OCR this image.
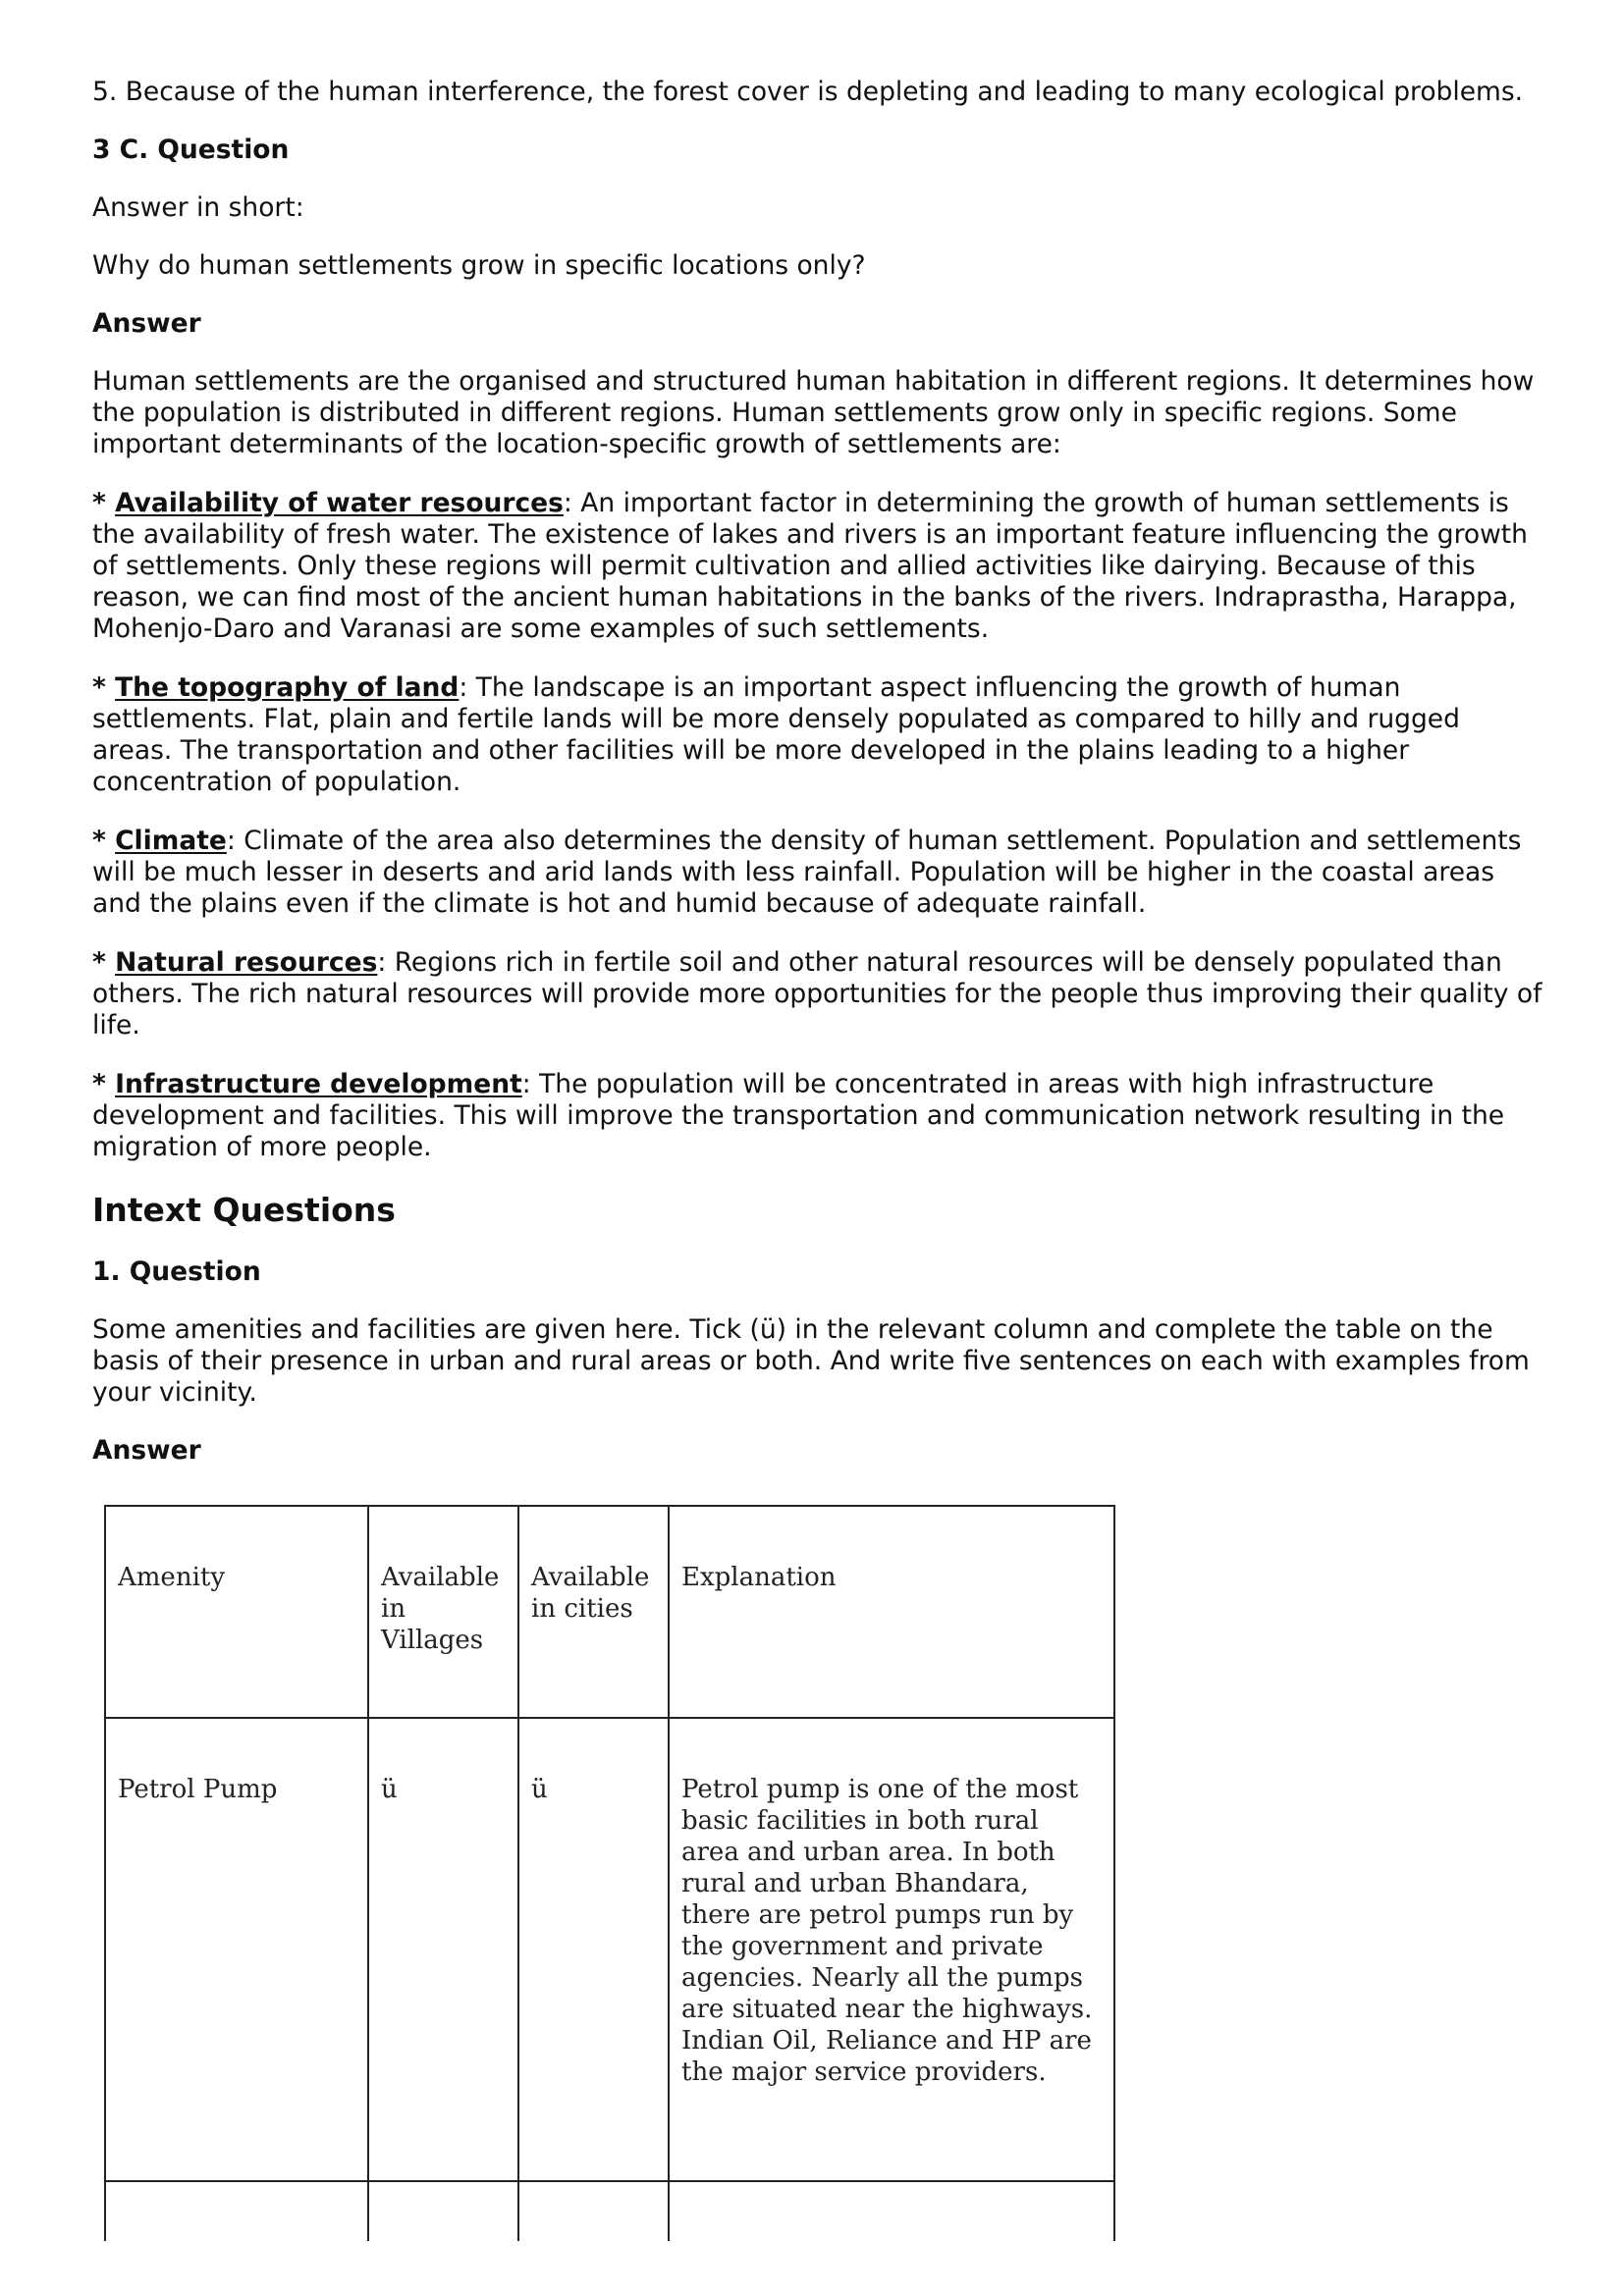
5. Because of the human interference, the forest cover is depleting and leading to many ecological problems.

3 C. Question

Answer in short:

Why do human settlements grow in specific locations only?

Answer

Human settlements are the organised and structured human habitation in different regions. It determines how the population is distributed in different regions. Human settlements grow only in specific regions. Some important determinants of the location-specific growth of settlements are:

* Availability of water resources: An important factor in determining the growth of human settlements is the availability of fresh water. The existence of lakes and rivers is an important feature influencing the growth of settlements. Only these regions will permit cultivation and allied activities like dairying. Because of this reason, we can find most of the ancient human habitations in the banks of the rivers. Indraprastha, Harappa, Mohenjo-Daro and Varanasi are some examples of such settlements.

* The topography of land: The landscape is an important aspect influencing the growth of human settlements. Flat, plain and fertile lands will be more densely populated as compared to hilly and rugged areas. The transportation and other facilities will be more developed in the plains leading to a higher concentration of population.

* Climate: Climate of the area also determines the density of human settlement. Population and settlements will be much lesser in deserts and arid lands with less rainfall. Population will be higher in the coastal areas and the plains even if the climate is hot and humid because of adequate rainfall.

* Natural resources: Regions rich in fertile soil and other natural resources will be densely populated than others. The rich natural resources will provide more opportunities for the people thus improving their quality of life.

* Infrastructure development: The population will be concentrated in areas with high infrastructure development and facilities. This will improve the transportation and communication network resulting in the migration of more people.

Intext Questions

1. Question

Some amenities and facilities are given here. Tick (ü) in the relevant column and complete the table on the basis of their presence in urban and rural areas or both. And write five sentences on each with examples from your vicinity.

Answer

Amenity	Available in Villages	Available in cities	Explanation

Petrol Pump	ü	ü	Petrol pump is one of the most basic facilities in both rural area and urban area. In both rural and urban Bhandara, there are petrol pumps run by the government and private agencies. Nearly all the pumps are situated near the highways. Indian Oil, Reliance and HP are the major service providers.
